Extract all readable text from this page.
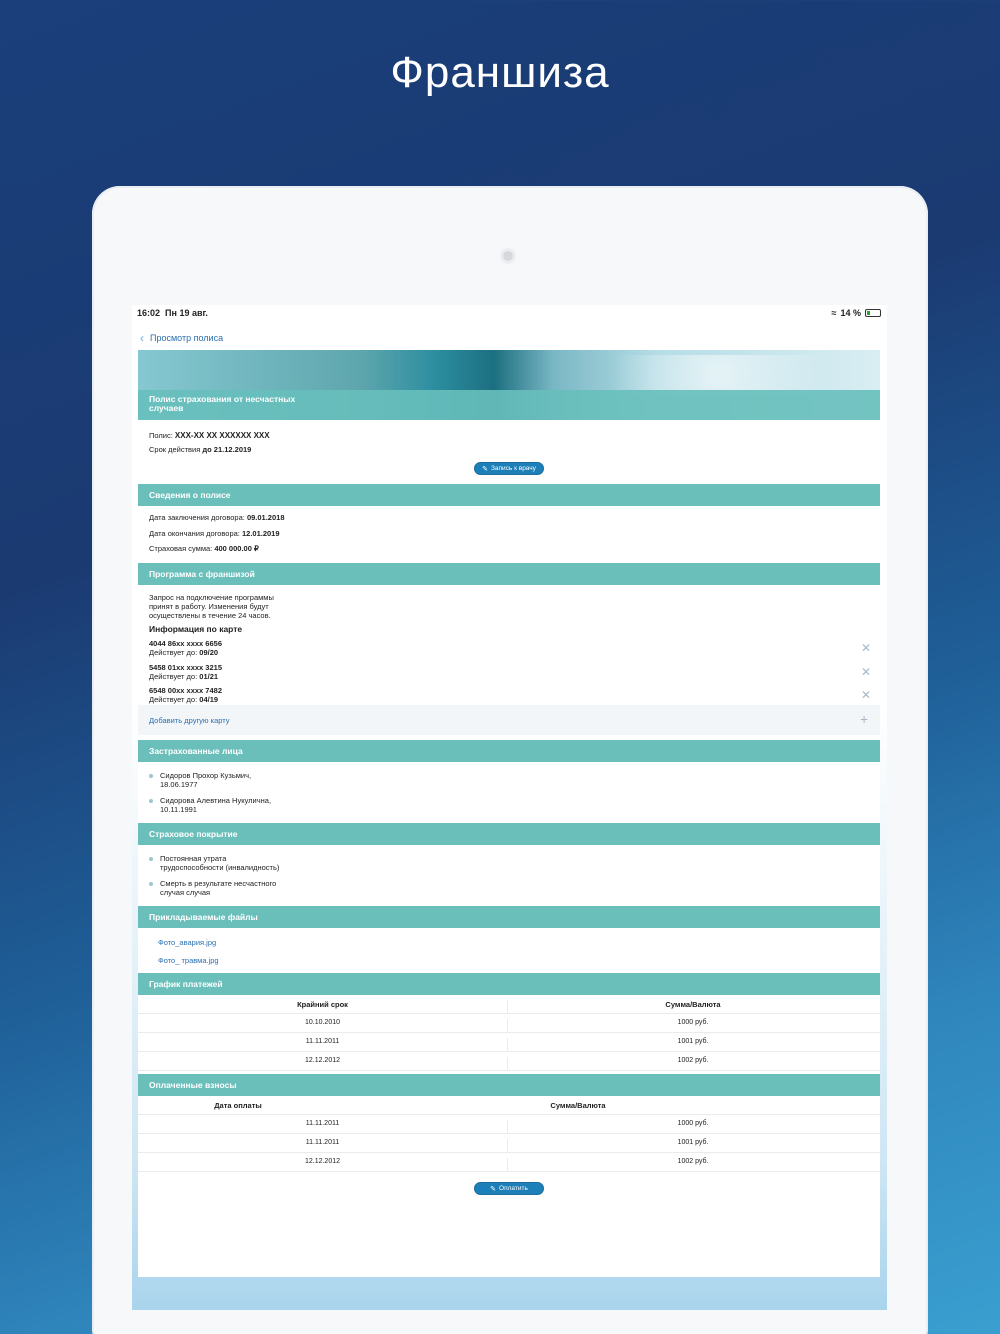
Франшиза
16:02 Пн 19 авг.	≈ 14 %
‹ Просмотр полиса
Полис страхования от несчастных случаев
Полис: XXX-XX XX XXXXXX XXX
Срок действия до 21.12.2019
✎ Запись к врачу
Сведения о полисе
Дата заключения договора: 09.01.2018
Дата окончания договора: 12.01.2019
Страховая сумма: 400 000.00 ₽
Программа с франшизой
Запрос на подключение программы принят в работу. Изменения будут осуществлены в течение 24 часов.
Информация по карте
4044 86xx xxxx 6656
Действует до: 09/20	✕
5458 01xx xxxx 3215
Действует до: 01/21	✕
6548 00xx xxxx 7482
Действует до: 04/19	✕
Добавить другую карту	+
Застрахованные лица
Сидоров Прохор Кузьмич,
18.06.1977
Сидорова Алевтина Нукулична,
10.11.1991
Страховое покрытие
Постоянная утрата
трудоспособности (инвалидность)
Смерть в результате несчастного
случая случая
Прикладываемые файлы
Фото_авария.jpg
Фото_ травма.jpg
График платежей
Крайний срок	Сумма/Валюта
10.10.2010	1000 руб.
11.11.2011	1001 руб.
12.12.2012	1002 руб.
Оплаченные взносы
Дата оплаты	Сумма/Валюта
11.11.2011	1000 руб.
11.11.2011	1001 руб.
12.12.2012	1002 руб.
✎ Оплатить
